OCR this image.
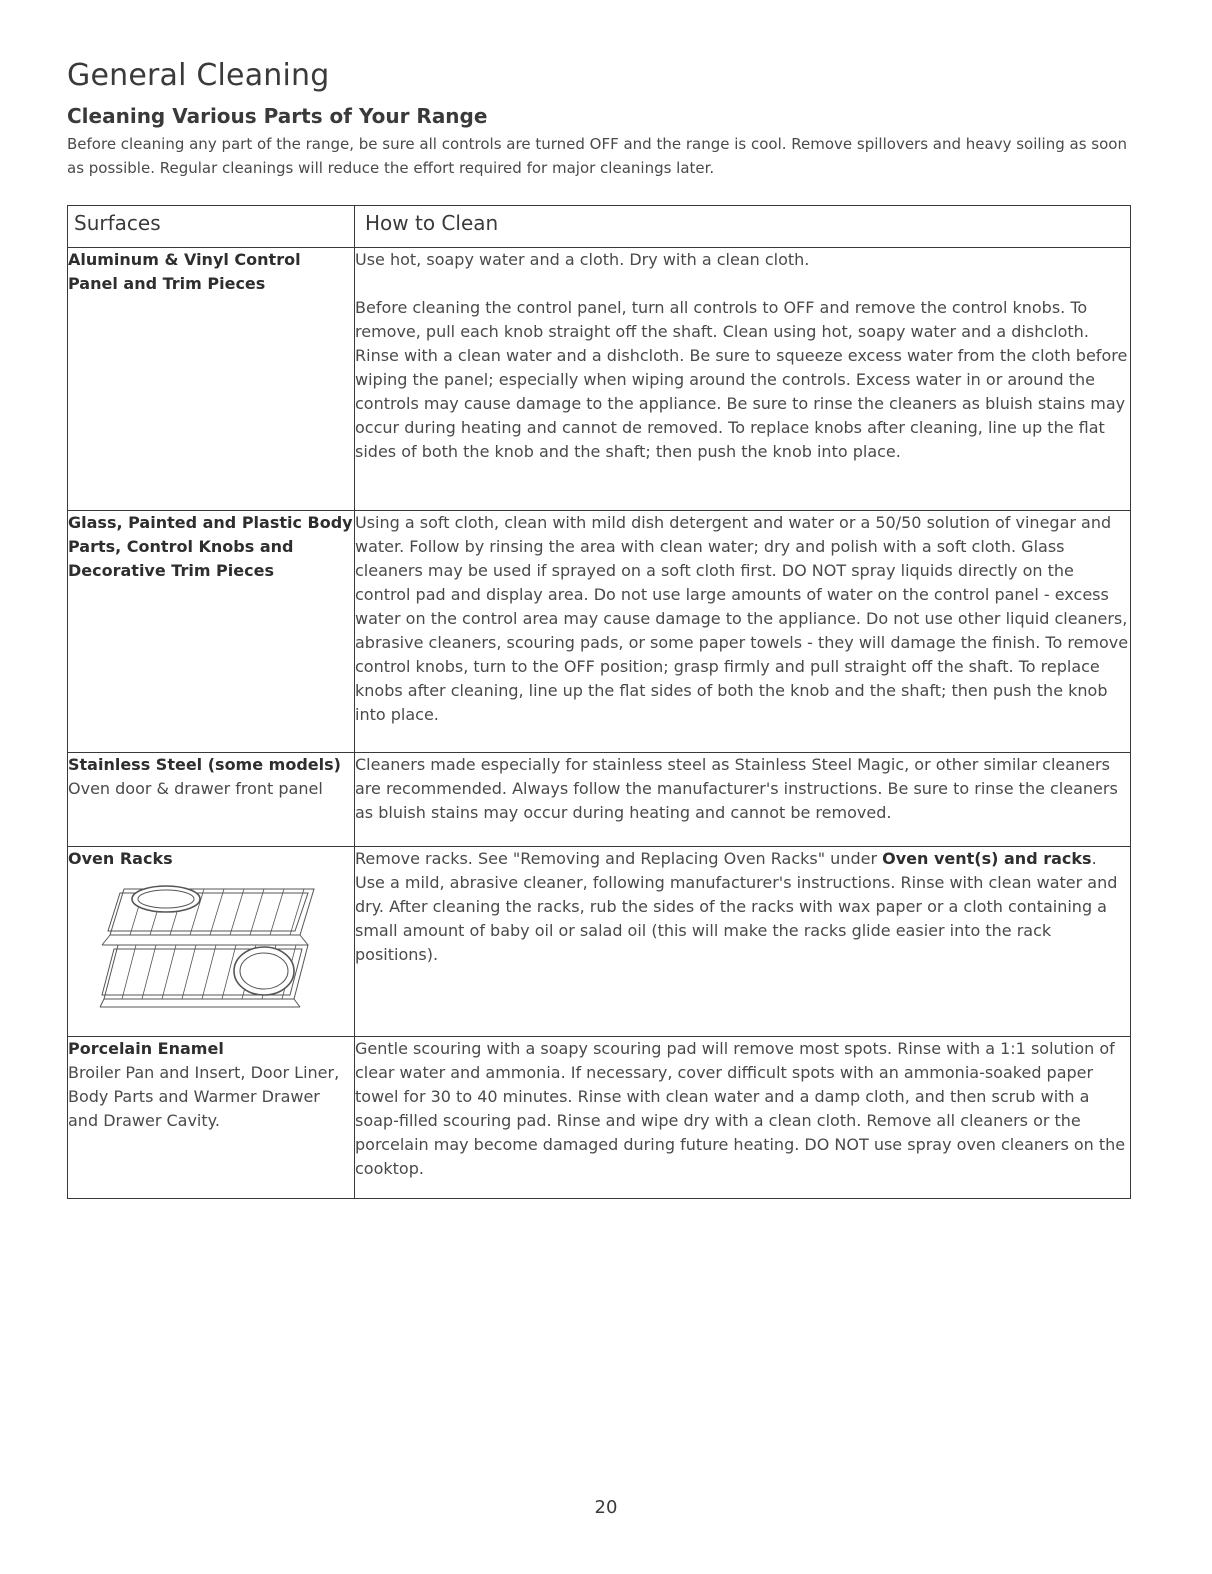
General Cleaning
Cleaning Various Parts of Your Range

Before cleaning any part of the range, be sure all controls are turned OFF and the range is cool. Remove spillovers and heavy soiling as soon as possible. Regular cleanings will reduce the effort required for major cleanings later.

Surfaces	How to Clean

Aluminum & Vinyl Control Panel and Trim Pieces	Use hot, soapy water and a cloth. Dry with a clean cloth.

Before cleaning the control panel, turn all controls to OFF and remove the control knobs. To remove, pull each knob straight off the shaft. Clean using hot, soapy water and a dishcloth. Rinse with a clean water and a dishcloth. Be sure to squeeze excess water from the cloth before wiping the panel; especially when wiping around the controls. Excess water in or around the controls may cause damage to the appliance. Be sure to rinse the cleaners as bluish stains may occur during heating and cannot de removed. To replace knobs after cleaning, line up the flat sides of both the knob and the shaft; then push the knob into place.

Glass, Painted and Plastic Body Parts, Control Knobs and Decorative Trim Pieces	Using a soft cloth, clean with mild dish detergent and water or a 50/50 solution of vinegar and water. Follow by rinsing the area with clean water; dry and polish with a soft cloth. Glass cleaners may be used if sprayed on a soft cloth first. DO NOT spray liquids directly on the control pad and display area. Do not use large amounts of water on the control panel - excess water on the control area may cause damage to the appliance. Do not use other liquid cleaners, abrasive cleaners, scouring pads, or some paper towels - they will damage the finish. To remove control knobs, turn to the OFF position; grasp firmly and pull straight off the shaft. To replace knobs after cleaning, line up the flat sides of both the knob and the shaft; then push the knob into place.

Stainless Steel (some models) Oven door & drawer front panel	Cleaners made especially for stainless steel as Stainless Steel Magic, or other similar cleaners are recommended. Always follow the manufacturer's instructions. Be sure to rinse the cleaners as bluish stains may occur during heating and cannot be removed.

Oven Racks	Remove racks. See "Removing and Replacing Oven Racks" under Oven vent(s) and racks. Use a mild, abrasive cleaner, following manufacturer's instructions. Rinse with clean water and dry. After cleaning the racks, rub the sides of the racks with wax paper or a cloth containing a small amount of baby oil or salad oil (this will make the racks glide easier into the rack positions).

Porcelain Enamel
Broiler Pan and Insert, Door Liner, Body Parts and Warmer Drawer and Drawer Cavity.	Gentle scouring with a soapy scouring pad will remove most spots. Rinse with a 1:1 solution of clear water and ammonia. If necessary, cover difficult spots with an ammonia-soaked paper towel for 30 to 40 minutes. Rinse with clean water and a damp cloth, and then scrub with a soap-filled scouring pad. Rinse and wipe dry with a clean cloth. Remove all cleaners or the porcelain may become damaged during future heating. DO NOT use spray oven cleaners on the cooktop.

20
